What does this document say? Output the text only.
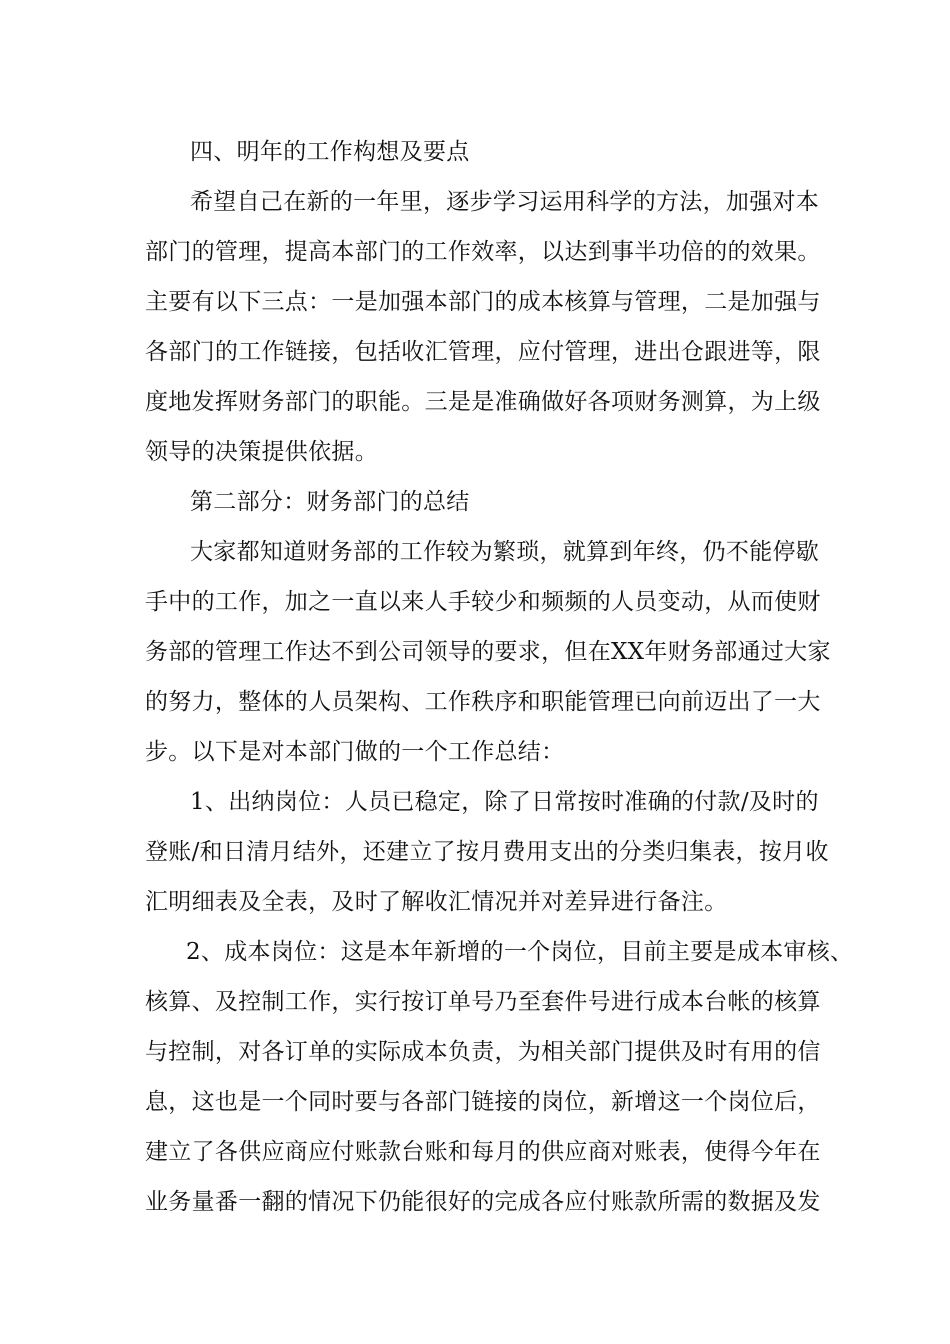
四、明年的工作构想及要点
希望自己在新的一年里，逐步学习运用科学的方法，加强对本
部门的管理，提高本部门的工作效率，以达到事半功倍的的效果。
主要有以下三点：一是加强本部门的成本核算与管理，二是加强与
各部门的工作链接，包括收汇管理，应付管理，进出仓跟进等，限
度地发挥财务部门的职能。三是是准确做好各项财务测算，为上级
领导的决策提供依据。
第二部分：财务部门的总结
大家都知道财务部的工作较为繁琐，就算到年终，仍不能停歇
手中的工作，加之一直以来人手较少和频频的人员变动，从而使财
务部的管理工作达不到公司领导的要求，但在XX年财务部通过大家
的努力，整体的人员架构、工作秩序和职能管理已向前迈出了一大
步。以下是对本部门做的一个工作总结：
1、出纳岗位：人员已稳定，除了日常按时准确的付款/及时的
登账/和日清月结外，还建立了按月费用支出的分类归集表，按月收
汇明细表及全表，及时了解收汇情况并对差异进行备注。
2、成本岗位：这是本年新增的一个岗位，目前主要是成本审核、
核算、及控制工作，实行按订单号乃至套件号进行成本台帐的核算
与控制，对各订单的实际成本负责，为相关部门提供及时有用的信
息，这也是一个同时要与各部门链接的岗位，新增这一个岗位后，
建立了各供应商应付账款台账和每月的供应商对账表，使得今年在
业务量番一翻的情况下仍能很好的完成各应付账款所需的数据及发
